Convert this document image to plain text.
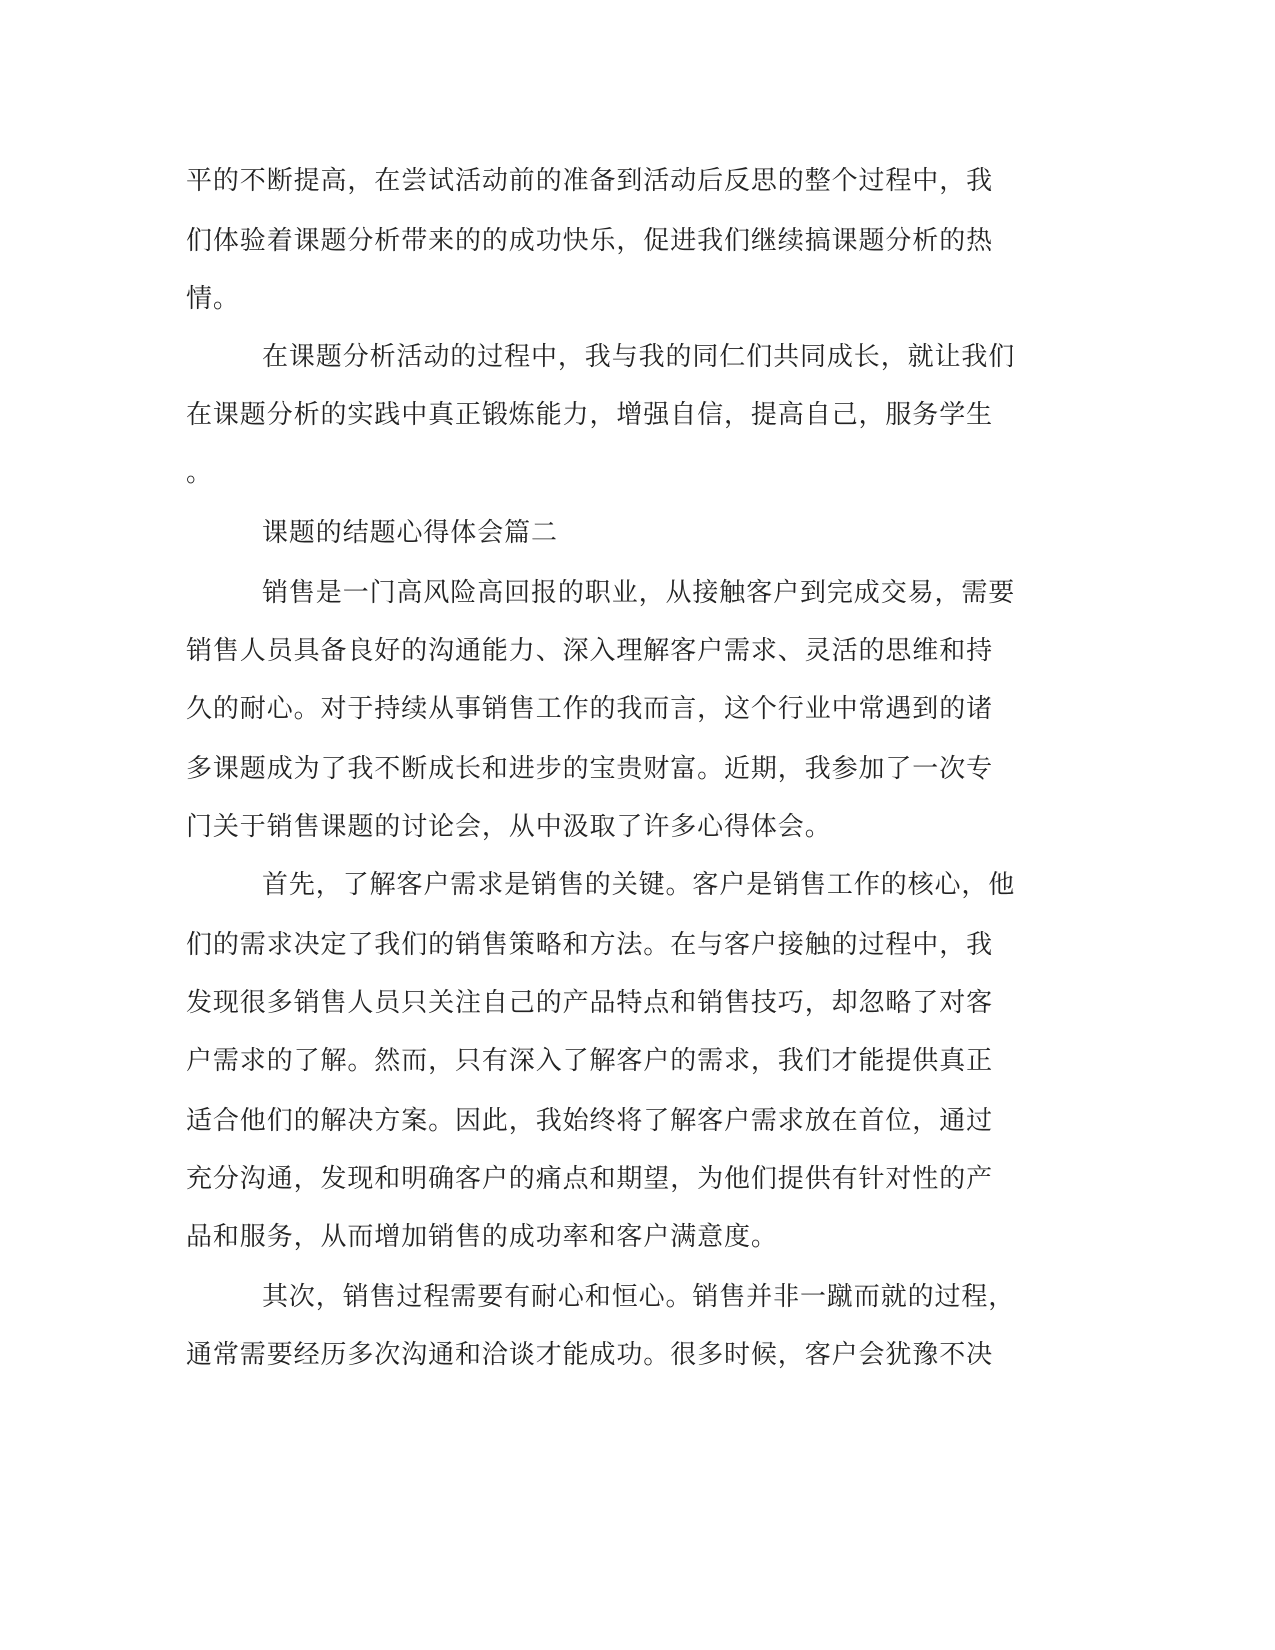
平的不断提高，在尝试活动前的准备到活动后反思的整个过程中，我

们体验着课题分析带来的的成功快乐，促进我们继续搞课题分析的热

情。

在课题分析活动的过程中，我与我的同仁们共同成长，就让我们

在课题分析的实践中真正锻炼能力，增强自信，提高自己，服务学生

。

课题的结题心得体会篇二

销售是一门高风险高回报的职业，从接触客户到完成交易，需要

销售人员具备良好的沟通能力、深入理解客户需求、灵活的思维和持

久的耐心。对于持续从事销售工作的我而言，这个行业中常遇到的诸

多课题成为了我不断成长和进步的宝贵财富。近期，我参加了一次专

门关于销售课题的讨论会，从中汲取了许多心得体会。

首先，了解客户需求是销售的关键。客户是销售工作的核心，他

们的需求决定了我们的销售策略和方法。在与客户接触的过程中，我

发现很多销售人员只关注自己的产品特点和销售技巧，却忽略了对客

户需求的了解。然而，只有深入了解客户的需求，我们才能提供真正

适合他们的解决方案。因此，我始终将了解客户需求放在首位，通过

充分沟通，发现和明确客户的痛点和期望，为他们提供有针对性的产

品和服务，从而增加销售的成功率和客户满意度。

其次，销售过程需要有耐心和恒心。销售并非一蹴而就的过程，

通常需要经历多次沟通和洽谈才能成功。很多时候，客户会犹豫不决
